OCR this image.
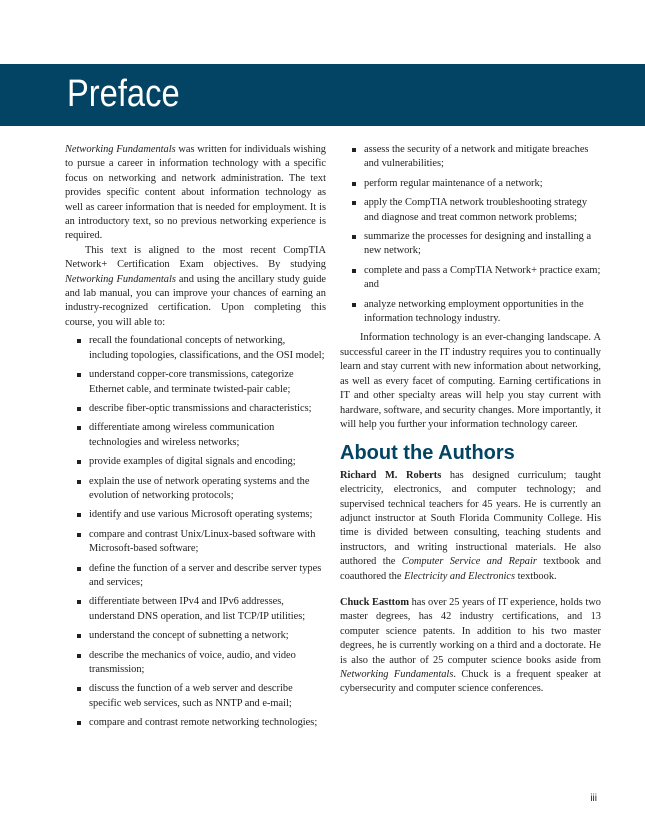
Preface

Networking Fundamentals was written for individuals wishing to pursue a career in information technology with a specific focus on networking and network administration. The text provides specific content about information technology as well as career information that is needed for employment. It is an introductory text, so no previous networking experience is required.

This text is aligned to the most recent CompTIA Network+ Certification Exam objectives. By studying Networking Fundamentals and using the ancillary study guide and lab manual, you can improve your chances of earning an industry-recognized certification. Upon completing this course, you will able to:

recall the foundational concepts of networking, including topologies, classifications, and the OSI model;
understand copper-core transmissions, categorize Ethernet cable, and terminate twisted-pair cable;
describe fiber-optic transmissions and characteristics;
differentiate among wireless communication technologies and wireless networks;
provide examples of digital signals and encoding;
explain the use of network operating systems and the evolution of networking protocols;
identify and use various Microsoft operating systems;
compare and contrast Unix/Linux-based software with Microsoft-based software;
define the function of a server and describe server types and services;
differentiate between IPv4 and IPv6 addresses, understand DNS operation, and list TCP/IP utilities;
understand the concept of subnetting a network;
describe the mechanics of voice, audio, and video transmission;
discuss the function of a web server and describe specific web services, such as NNTP and e-mail;
compare and contrast remote networking technologies;
assess the security of a network and mitigate breaches and vulnerabilities;
perform regular maintenance of a network;
apply the CompTIA network troubleshooting strategy and diagnose and treat common network problems;
summarize the processes for designing and installing a new network;
complete and pass a CompTIA Network+ practice exam; and
analyze networking employment opportunities in the information technology industry.

Information technology is an ever-changing landscape. A successful career in the IT industry requires you to continually learn and stay current with new information about networking, as well as every facet of computing. Earning certifications in IT and other specialty areas will help you stay current with hardware, software, and security changes. More importantly, it will help you further your information technology career.

About the Authors

Richard M. Roberts has designed curriculum; taught electricity, electronics, and computer technology; and supervised technical teachers for 45 years. He is currently an adjunct instructor at South Florida Community College. His time is divided between consulting, teaching students and instructors, and writing instructional materials. He also authored the Computer Service and Repair textbook and coauthored the Electricity and Electronics textbook.

Chuck Easttom has over 25 years of IT experience, holds two master degrees, has 42 industry certifications, and 13 computer science patents. In addition to his two master degrees, he is currently working on a third and a doctorate. He is also the author of 25 computer science books aside from Networking Fundamentals. Chuck is a frequent speaker at cybersecurity and computer science conferences.

iii
